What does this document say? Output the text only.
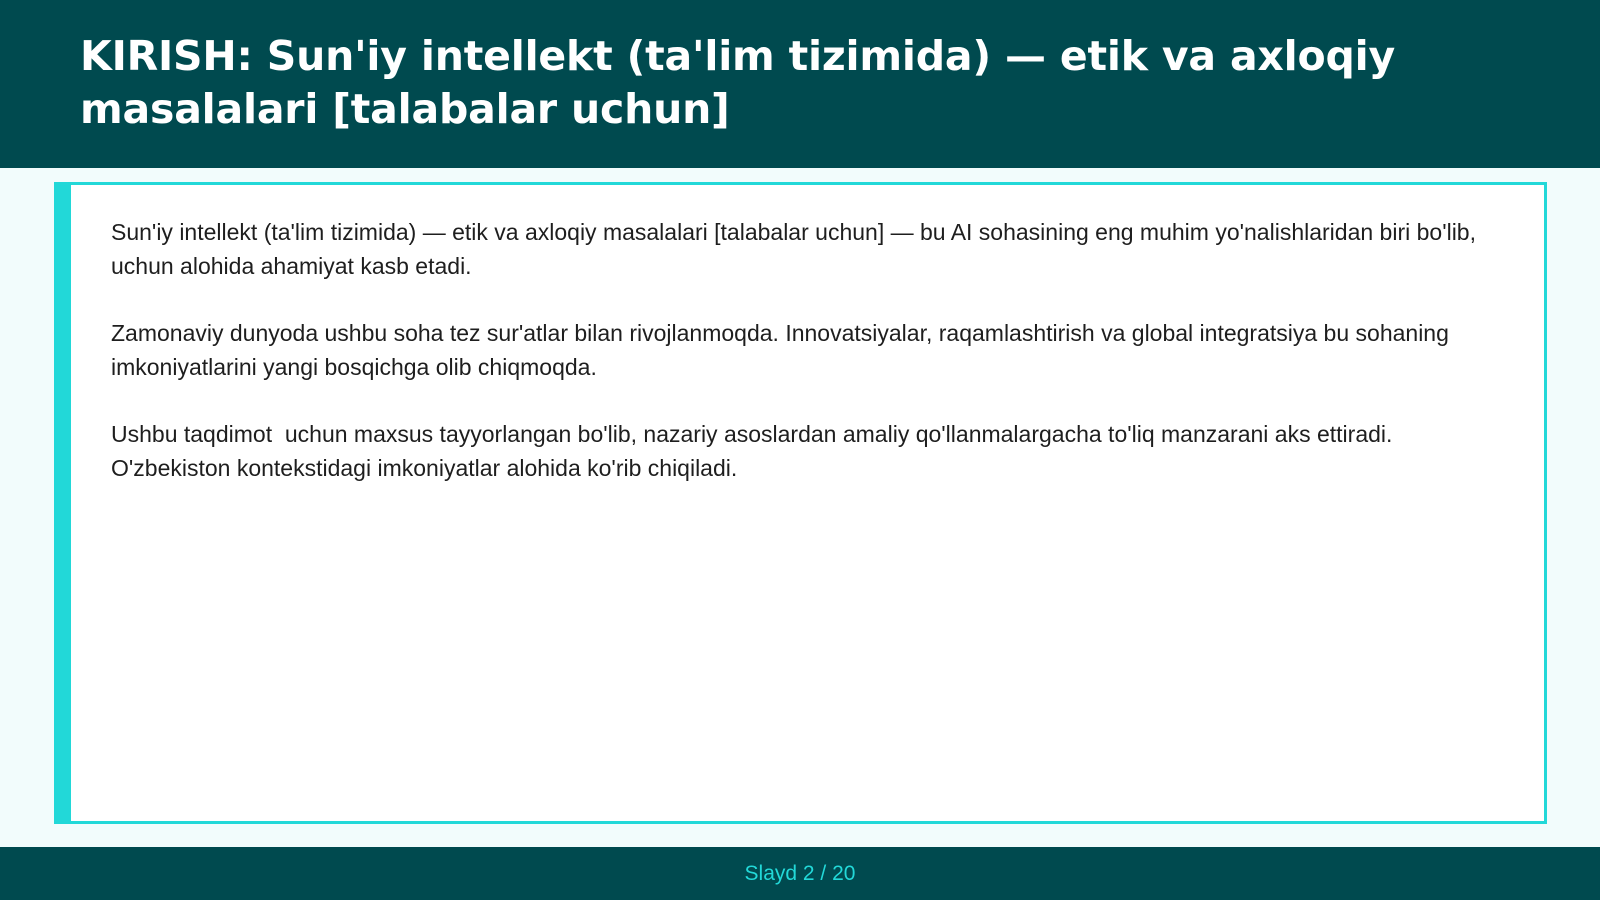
KIRISH: Sun'iy intellekt (ta'lim tizimida) — etik va axloqiy masalalari [talabalar uchun]

Sun'iy intellekt (ta'lim tizimida) — etik va axloqiy masalalari [talabalar uchun] — bu AI sohasining eng muhim yo'nalishlaridan biri bo'lib,  uchun alohida ahamiyat kasb etadi.

Zamonaviy dunyoda ushbu soha tez sur'atlar bilan rivojlanmoqda. Innovatsiyalar, raqamlashtirish va global integratsiya bu sohaning imkoniyatlarini yangi bosqichga olib chiqmoqda.

Ushbu taqdimot  uchun maxsus tayyorlangan bo'lib, nazariy asoslardan amaliy qo'llanmalargacha to'liq manzarani aks ettiradi. O'zbekiston kontekstidagi imkoniyatlar alohida ko'rib chiqiladi.

Slayd 2 / 20
